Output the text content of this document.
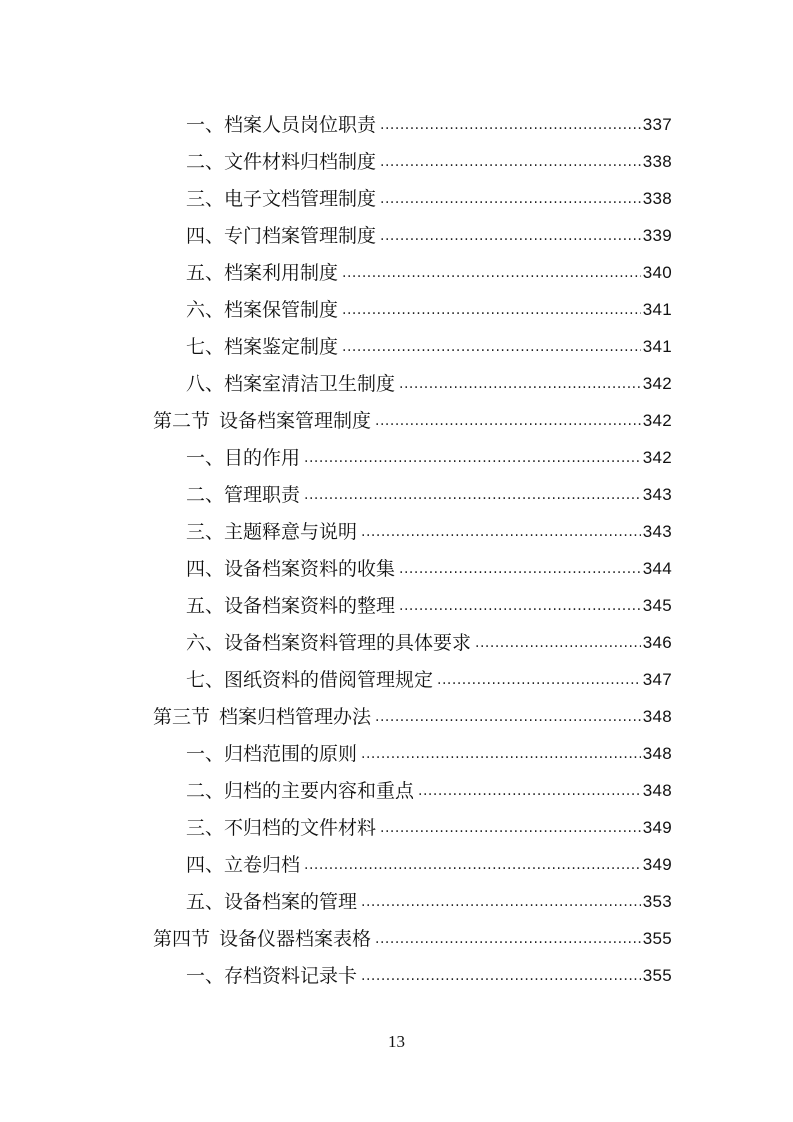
一、档案人员岗位职责 .....	337
二、文件材料归档制度 .....	338
三、电子文档管理制度 .....	338
四、专门档案管理制度 .....	339
五、档案利用制度 .....	340
六、档案保管制度 .....	341
七、档案鉴定制度 .....	341
八、档案室清洁卫生制度 .....	342
第二节 设备档案管理制度 .....	342
一、目的作用 .....	342
二、管理职责 .....	343
三、主题释意与说明 .....	343
四、设备档案资料的收集 .....	344
五、设备档案资料的整理 .....	345
六、设备档案资料管理的具体要求 .....	346
七、图纸资料的借阅管理规定 .....	347
第三节 档案归档管理办法 .....	348
一、归档范围的原则 .....	348
二、归档的主要内容和重点 .....	348
三、不归档的文件材料 .....	349
四、立卷归档 .....	349
五、设备档案的管理 .....	353
第四节 设备仪器档案表格 .....	355
一、存档资料记录卡 .....	355
13
